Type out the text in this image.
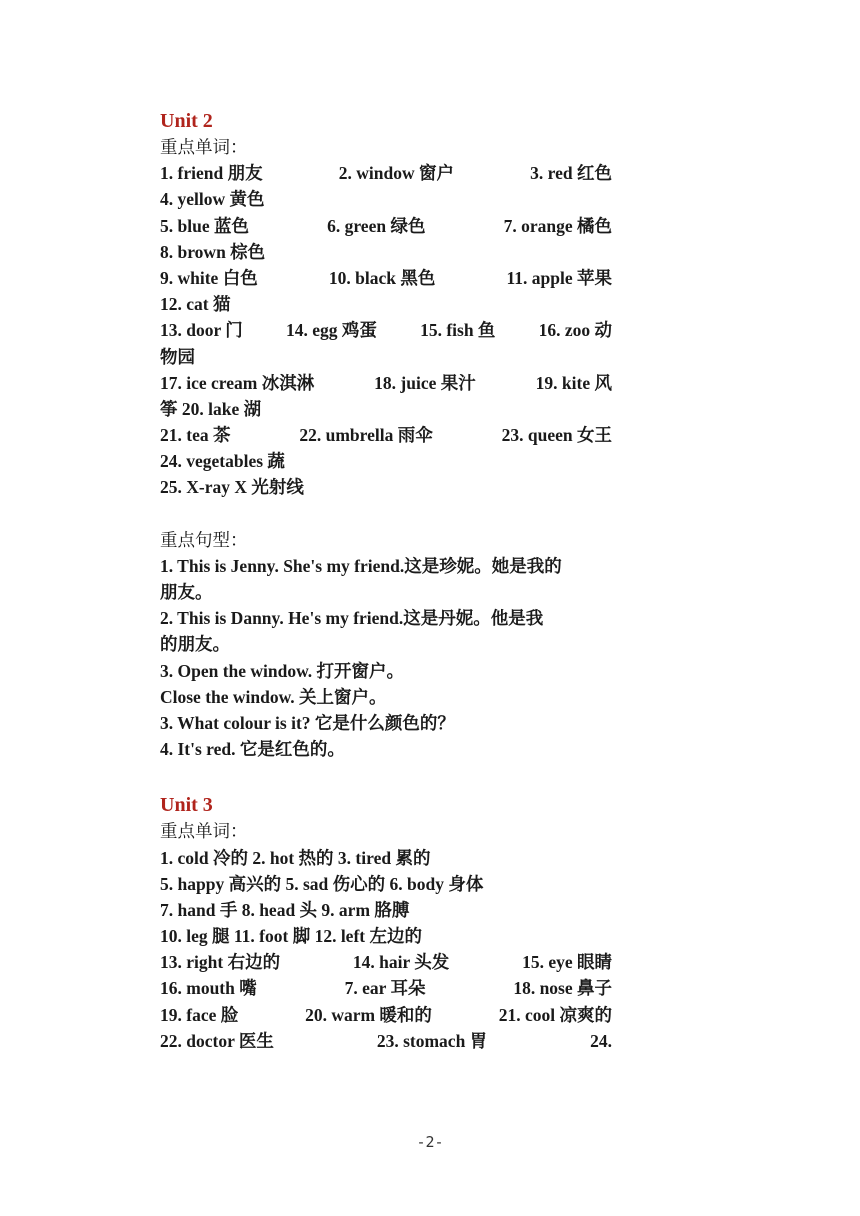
Unit 2
重点单词：
1. friend 朋友	2. window 窗户	3. red 红色
4. yellow 黄色
5. blue 蓝色	6. green 绿色	7. orange 橘色
8. brown 棕色
9. white 白色	10. black 黑色	11. apple 苹果
12. cat 猫
13. door 门 14. egg 鸡蛋 15. fish 鱼 16. zoo 动
物园
17. ice cream 冰淇淋	18. juice 果汁	19. kite 风
筝 20. lake 湖
21. tea 茶	22. umbrella 雨伞	23. queen 女王
24. vegetables 蔬
25. X-ray X 光射线
重点句型：
1. This is Jenny. She's my friend.这是珍妮。她是我的
朋友。
2. This is Danny. He's my friend.这是丹妮。他是我
的朋友。
3. Open the window. 打开窗户。
Close the window. 关上窗户。
3. What colour is it? 它是什么颜色的？
4. It's red. 它是红色的。
Unit 3
重点单词：
1. cold 冷的 2. hot 热的 3. tired 累的
5. happy 高兴的 5. sad 伤心的 6. body 身体
7. hand 手 8. head 头 9. arm 胳膊
10. leg 腿 11. foot 脚 12. left 左边的
13. right 右边的	14. hair 头发	15. eye 眼睛
16. mouth 嘴	7. ear 耳朵	18. nose 鼻子
19. face 脸	20. warm 暖和的	21. cool 凉爽的
22. doctor 医生	23. stomach 胃	24.
-2-
